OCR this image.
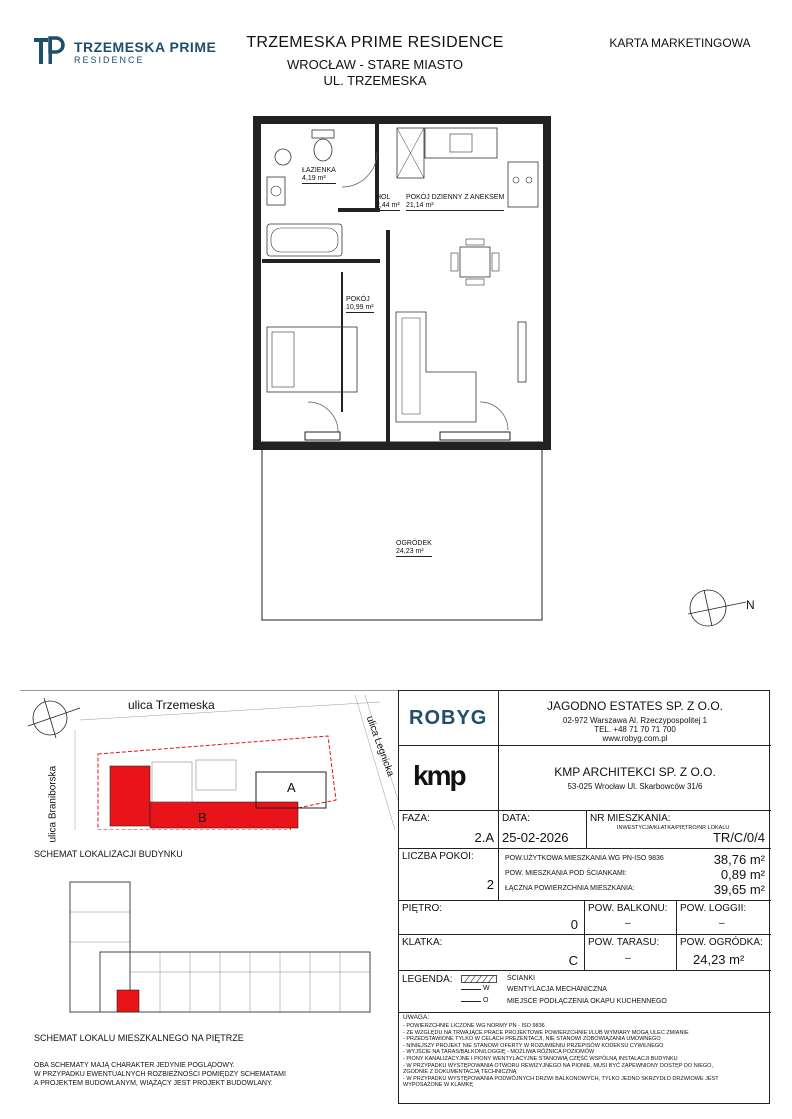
TRZEMESKA PRIME
RESIDENCE
TRZEMESKA PRIME RESIDENCE
WROCŁAW - STARE MIASTO
UL. TRZEMESKA
KARTA MARKETINGOWA
ŁAZIENKA
4,19 m²
HOL
2,44 m²
POKÓJ DZIENNY Z ANEKSEM
21,14 m²
POKÓJ
10,99 m²
OGRÓDEK
24,23 m²
N
ulica Trzemeska
ulica Braniborska
ulica Legnicka
A
B
SCHEMAT LOKALIZACJI BUDYNKU
SCHEMAT LOKALU MIESZKALNEGO NA PIĘTRZE
OBA SCHEMATY MAJĄ CHARAKTER JEDYNIE POGLĄDOWY.
W PRZYPADKU EWENTUALNYCH ROZBIEŻNOŚCI POMIĘDZY SCHEMATAMI
A PROJEKTEM BUDOWLANYM, WIĄŻĄCY JEST PROJEKT BUDOWLANY.
ROBYG
JAGODNO ESTATES SP. Z O.O.
02-972 Warszawa Al. Rzeczypospolitej 1
TEL. +48 71 70 71 700
www.robyg.com.pl
kmp	KMP ARCHITEKCI SP. Z O.O.
53-025 Wrocław Ul. Skarbowców 31/6
FAZA:
2.A
DATA:
25-02-2026
NR MIESZKANIA:
INWESTYCJA/KLATKA/PIĘTRO/NR LOKALU
TR/C/0/4
LICZBA POKOI:
2
POW.UŻYTKOWA MIESZKANIA WG PN-ISO 9836	38,76 m²
POW. MIESZKANIA POD ŚCIANKAMI:	0,89 m²
ŁĄCZNA POWIERZCHNIA MIESZKANIA:	39,65 m²
PIĘTRO:
0
POW. BALKONU:
–
POW. LOGGII:
–
KLATKA:
C
POW. TARASU:
–
POW. OGRÓDKA:
24,23 m²
LEGENDA:	ŚCIANKI
W WENTYLACJA MECHANICZNA
O	MIEJSCE PODŁĄCZENIA OKAPU KUCHENNEGO
UWAGA:
- POWIERZCHNIE LICZONE WG NORMY PN - ISO 9836
- ZE WZGLĘDU NA TRWAJĄCE PRACE PROJEKTOWE POWIERZCHNIE I/LUB WYMIARY MOGĄ ULEC ZMIANIE
- PRZEDSTAWIONE TYLKO W CELACH PREZENTACJI, NIE STANOWI ZOBOWIĄZANIA UMOWNEGO
- NINIEJSZY PROJEKT NIE STANOWI OFERTY W ROZUMIENIU PRZEPISÓW KODEKSU CYWILNEGO
- WYJŚCIE NA TARAS/BALKON/LOGGIĘ - MOŻLIWA RÓŻNICA POZIOMÓW
- PIONY KANALIZACYJNE I PIONY WENTYLACYJNE STANOWIĄ CZĘŚĆ WSPÓLNĄ INSTALACJI BUDYNKU
- W PRZYPADKU WYSTĘPOWANIA OTWORU REWIZYJNEGO NA PIONIE, MUSI BYĆ ZAPEWNIONY DOSTĘP DO NIEGO,
ZGODNIE Z DOKUMENTACJĄ TECHNICZNĄ
- W PRZYPADKU WYSTĘPOWANIA PODWÓJNYCH DRZWI BALKONOWYCH, TYLKO JEDNO SKRZYDŁO DRZWIOWE JEST
WYPOSAŻONE W KLAMKĘ
